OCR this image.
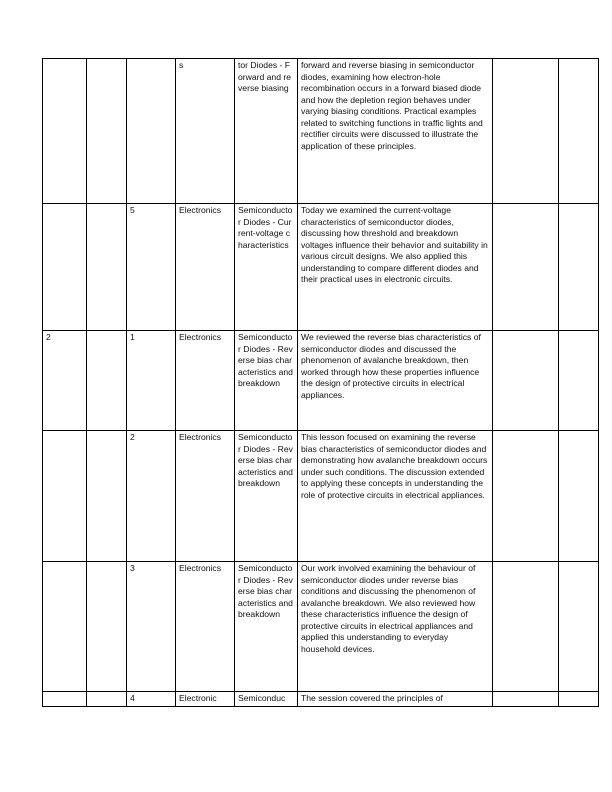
			s	tor Diodes - Forward and reverse biasing	forward and reverse biasing in semiconductor diodes, examining how electron-hole recombination occurs in a forward biased diode and how the depletion region behaves under varying biasing conditions. Practical examples related to switching functions in traffic lights and rectifier circuits were discussed to illustrate the application of these principles.		
		5	Electronics	Semiconductor Diodes - Current-voltage characteristics	Today we examined the current-voltage characteristics of semiconductor diodes, discussing how threshold and breakdown voltages influence their behavior and suitability in various circuit designs. We also applied this understanding to compare different diodes and their practical uses in electronic circuits.		
2		1	Electronics	Semiconductor Diodes - Reverse bias characteristics and breakdown	We reviewed the reverse bias characteristics of semiconductor diodes and discussed the phenomenon of avalanche breakdown, then worked through how these properties influence the design of protective circuits in electrical appliances.		
		2	Electronics	Semiconductor Diodes - Reverse bias characteristics and breakdown	This lesson focused on examining the reverse bias characteristics of semiconductor diodes and demonstrating how avalanche breakdown occurs under such conditions. The discussion extended to applying these concepts in understanding the role of protective circuits in electrical appliances.		
		3	Electronics	Semiconductor Diodes - Reverse bias characteristics and breakdown	Our work involved examining the behaviour of semiconductor diodes under reverse bias conditions and discussing the phenomenon of avalanche breakdown. We also reviewed how these characteristics influence the design of protective circuits in electrical appliances and applied this understanding to everyday household devices.		
		4	Electronic	Semiconduc	The session covered the principles of		
